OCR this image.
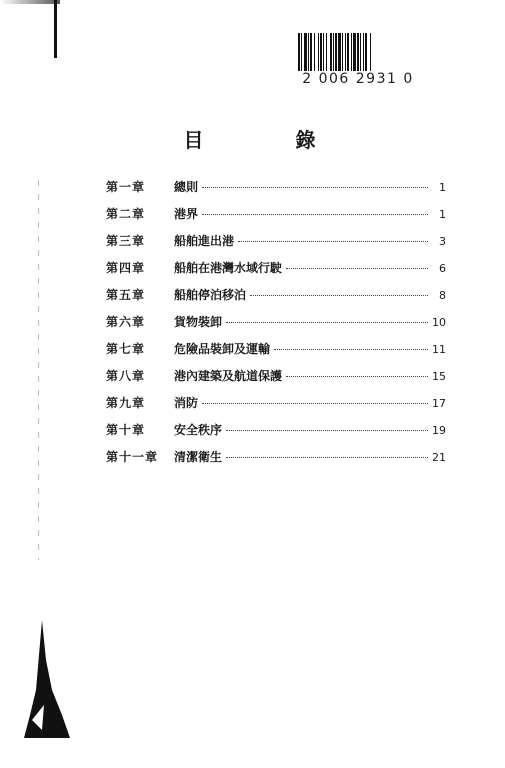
2 006 2931 0
目　錄
第一章	總則	1
第二章	港界	1
第三章	船舶進出港	3
第四章	船舶在港灣水域行駛	6
第五章	船舶停泊移泊	8
第六章	貨物裝卸	10
第七章	危險品裝卸及運輸	11
第八章	港內建築及航道保護	15
第九章	消防	17
第十章	安全秩序	19
第十一章	清潔衛生	21
